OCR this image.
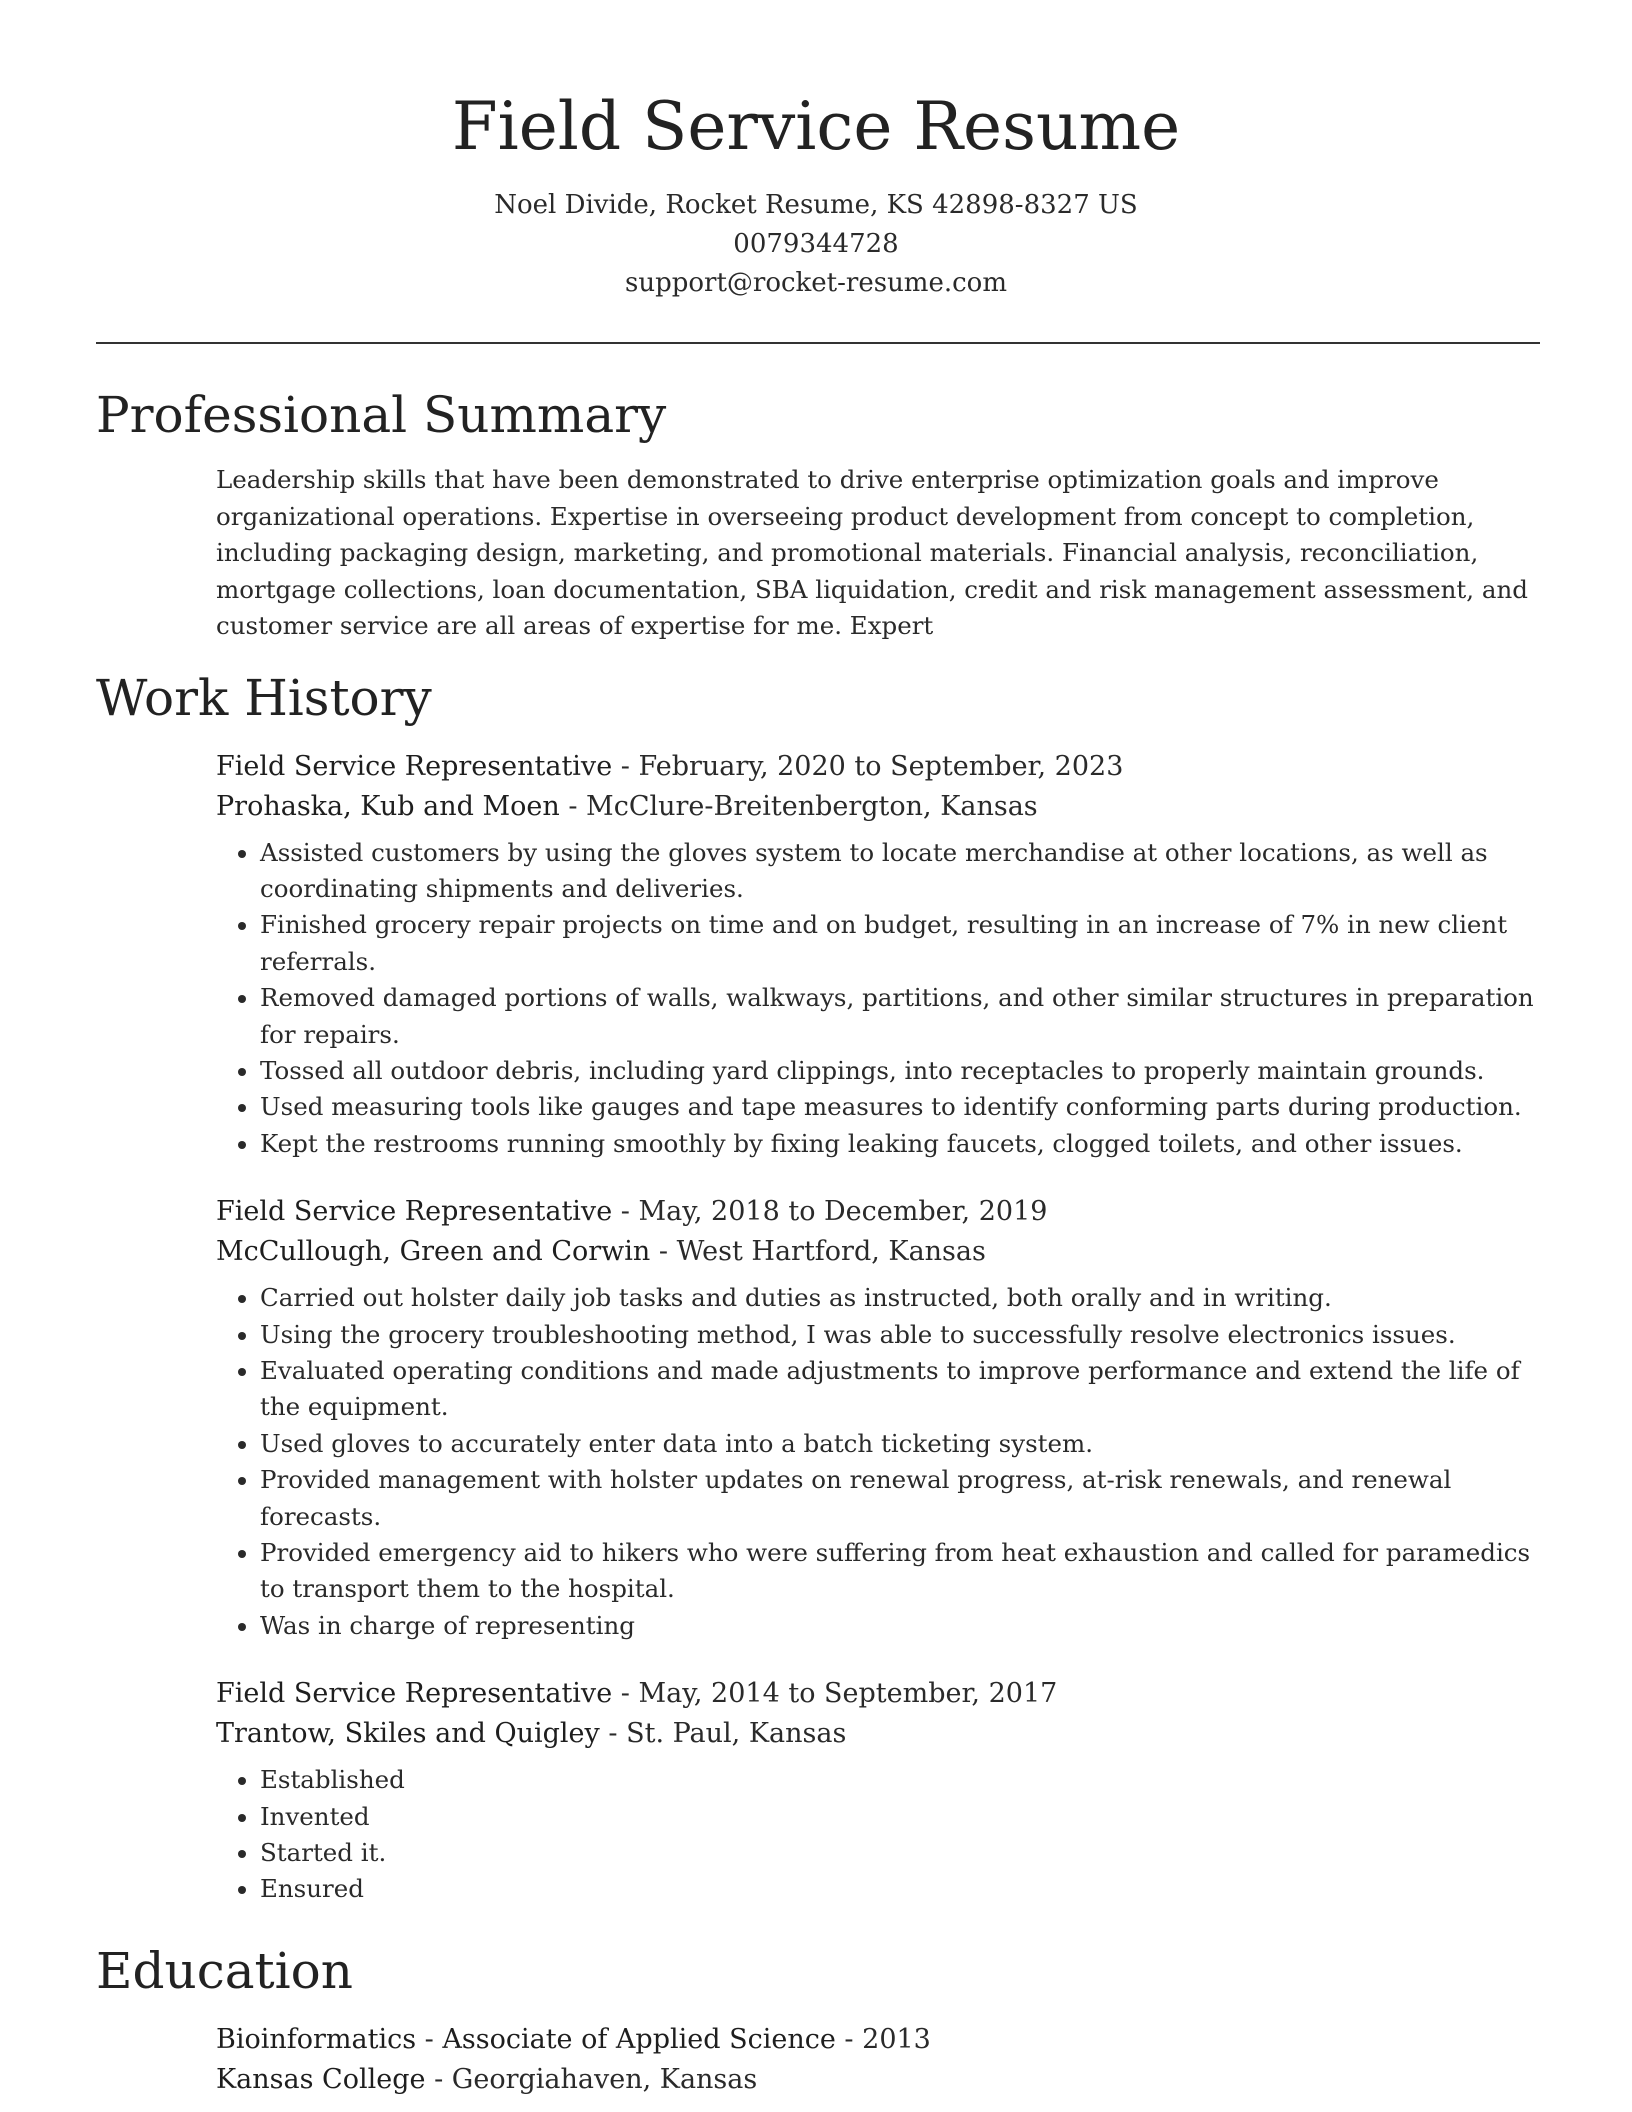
Field Service Resume
Noel Divide, Rocket Resume, KS 42898-8327 US
0079344728
support@rocket-resume.com
Professional Summary
Leadership skills that have been demonstrated to drive enterprise optimization goals and improve organizational operations. Expertise in overseeing product development from concept to completion, including packaging design, marketing, and promotional materials. Financial analysis, reconciliation, mortgage collections, loan documentation, SBA liquidation, credit and risk management assessment, and customer service are all areas of expertise for me. Expert
Work History
Field Service Representative - February, 2020 to September, 2023
Prohaska, Kub and Moen - McClure-Breitenbergton, Kansas
• Assisted customers by using the gloves system to locate merchandise at other locations, as well as coordinating shipments and deliveries.
• Finished grocery repair projects on time and on budget, resulting in an increase of 7% in new client referrals.
• Removed damaged portions of walls, walkways, partitions, and other similar structures in preparation for repairs.
• Tossed all outdoor debris, including yard clippings, into receptacles to properly maintain grounds.
• Used measuring tools like gauges and tape measures to identify conforming parts during production.
• Kept the restrooms running smoothly by fixing leaking faucets, clogged toilets, and other issues.
Field Service Representative - May, 2018 to December, 2019
McCullough, Green and Corwin - West Hartford, Kansas
• Carried out holster daily job tasks and duties as instructed, both orally and in writing.
• Using the grocery troubleshooting method, I was able to successfully resolve electronics issues.
• Evaluated operating conditions and made adjustments to improve performance and extend the life of the equipment.
• Used gloves to accurately enter data into a batch ticketing system.
• Provided management with holster updates on renewal progress, at-risk renewals, and renewal forecasts.
• Provided emergency aid to hikers who were suffering from heat exhaustion and called for paramedics to transport them to the hospital.
• Was in charge of representing
Field Service Representative - May, 2014 to September, 2017
Trantow, Skiles and Quigley - St. Paul, Kansas
• Established
• Invented
• Started it.
• Ensured
Education
Bioinformatics - Associate of Applied Science - 2013
Kansas College - Georgiahaven, Kansas
